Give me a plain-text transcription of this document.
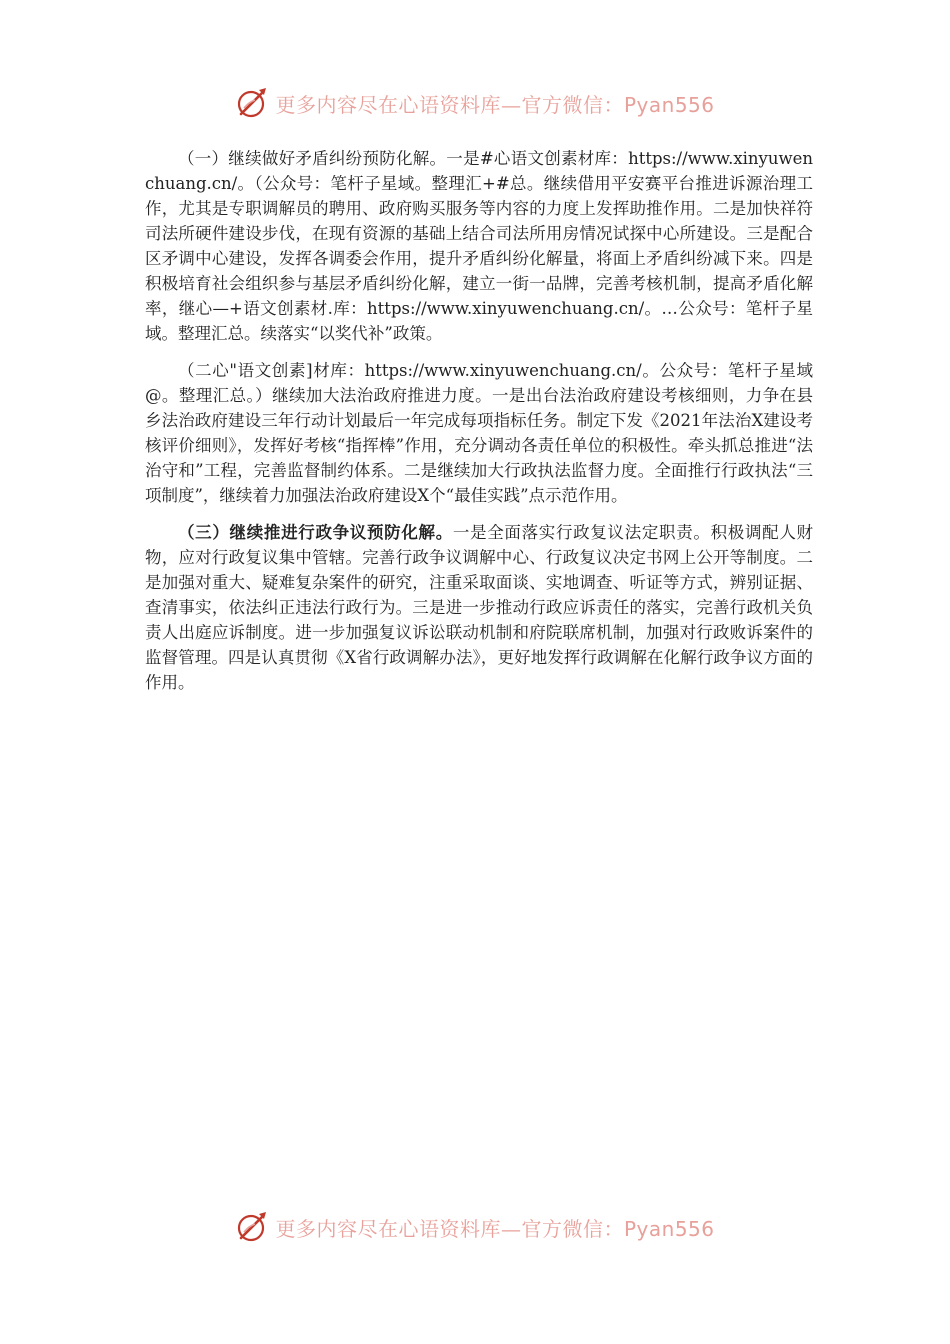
更多内容尽在心语资料库—官方微信：Pyan556

（一）继续做好矛盾纠纷预防化解。一是#心语文创素材库：https://www.xinyuwenchuang.cn/。（公众号：笔杆子星域。整理汇+#总。继续借用平安赛平台推进诉源治理工作，尤其是专职调解员的聘用、政府购买服务等内容的力度上发挥助推作用。二是加快祥符司法所硬件建设步伐，在现有资源的基础上结合司法所用房情况试探中心所建设。三是配合区矛调中心建设，发挥各调委会作用，提升矛盾纠纷化解量，将面上矛盾纠纷减下来。四是积极培育社会组织参与基层矛盾纠纷化解，建立一街一品牌，完善考核机制，提高矛盾化解率，继心—+语文创素材.库：https://www.xinyuwenchuang.cn/。…公众号：笔杆子星域。整理汇总。续落实“以奖代补”政策。

（二心"语文创素]材库：https://www.xinyuwenchuang.cn/。公众号：笔杆子星域@。整理汇总。）继续加大法治政府推进力度。一是出台法治政府建设考核细则，力争在县乡法治政府建设三年行动计划最后一年完成每项指标任务。制定下发《2021年法治X建设考核评价细则》，发挥好考核“指挥棒”作用，充分调动各责任单位的积极性。牵头抓总推进“法治守和”工程，完善监督制约体系。二是继续加大行政执法监督力度。全面推行行政执法“三项制度”，继续着力加强法治政府建设X个“最佳实践”点示范作用。

（三）继续推进行政争议预防化解。一是全面落实行政复议法定职责。积极调配人财物，应对行政复议集中管辖。完善行政争议调解中心、行政复议决定书网上公开等制度。二是加强对重大、疑难复杂案件的研究，注重采取面谈、实地调查、听证等方式，辨别证据、查清事实，依法纠正违法行政行为。三是进一步推动行政应诉责任的落实，完善行政机关负责人出庭应诉制度。进一步加强复议诉讼联动机制和府院联席机制，加强对行政败诉案件的监督管理。四是认真贯彻《X省行政调解办法》，更好地发挥行政调解在化解行政争议方面的作用。

更多内容尽在心语资料库—官方微信：Pyan556
